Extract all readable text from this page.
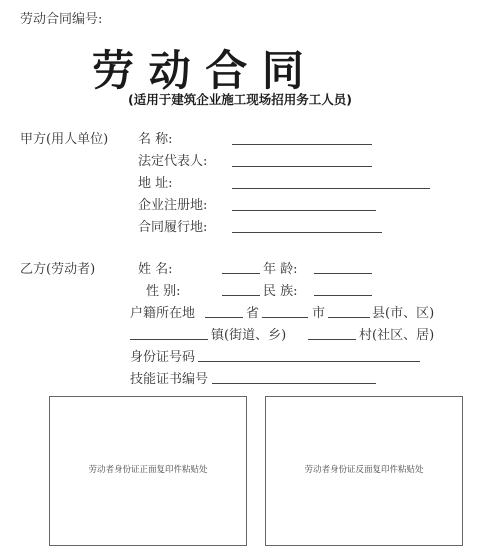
劳动合同编号:
劳 动 合 同
(适用于建筑企业施工现场招用务工人员)
甲方(用人单位) 名 称:
法定代表人:
地 址:
企业注册地:
合同履行地:
乙方(劳动者)	姓 名:	年 龄:
性 别:	民 族:
户籍所在地	省	市	县(市、区)
镇(街道、乡)	村(社区、居)
身份证号码
技能证书编号
劳动者身份证正面复印件粘贴处	劳动者身份证反面复印件粘贴处
